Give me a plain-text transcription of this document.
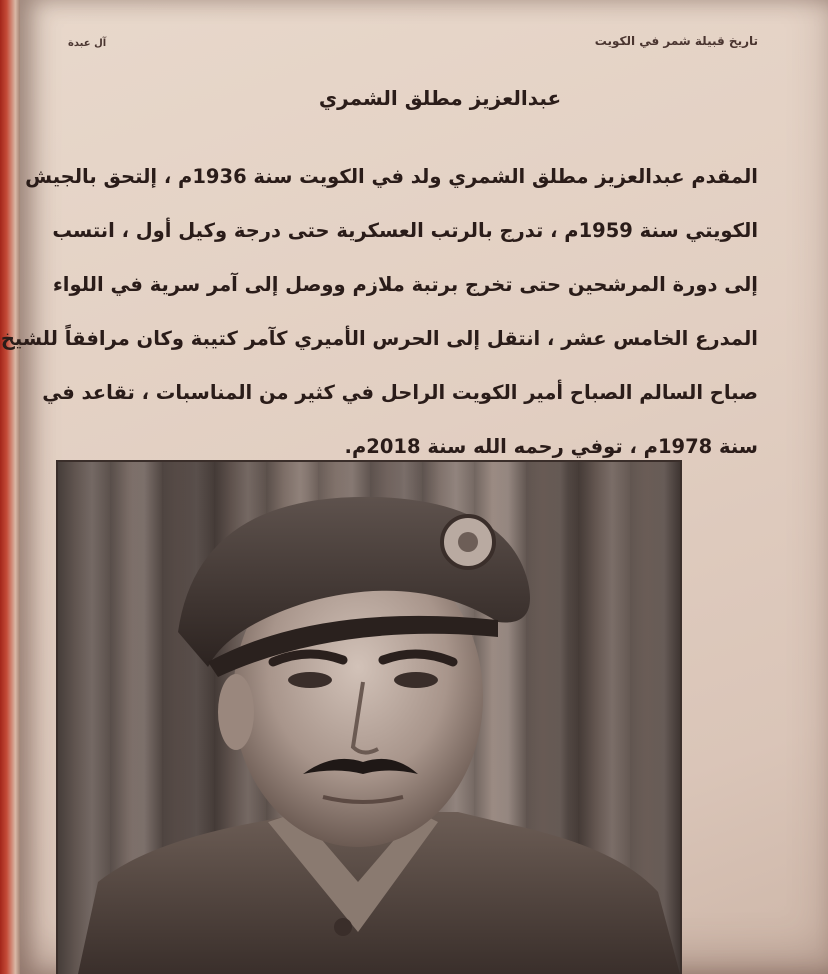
تاريخ قبيلة شمر في الكويت
آل عبدة
عبدالعزيز مطلق الشمري
المقدم عبدالعزيز مطلق الشمري ولد في الكويت سنة 1936م ، إلتحق بالجيش
الكويتي سنة 1959م ، تدرج بالرتب العسكرية حتى درجة وكيل أول ، انتسب
إلى دورة المرشحين حتى تخرج برتبة ملازم ووصل إلى آمر سرية في اللواء
المدرع الخامس عشر ، انتقل إلى الحرس الأميري كآمر كتيبة وكان مرافقاً للشيخ
صباح السالم الصباح أمير الكويت الراحل في كثير من المناسبات ، تقاعد في
سنة 1978م ، توفي رحمه الله سنة 2018م.
